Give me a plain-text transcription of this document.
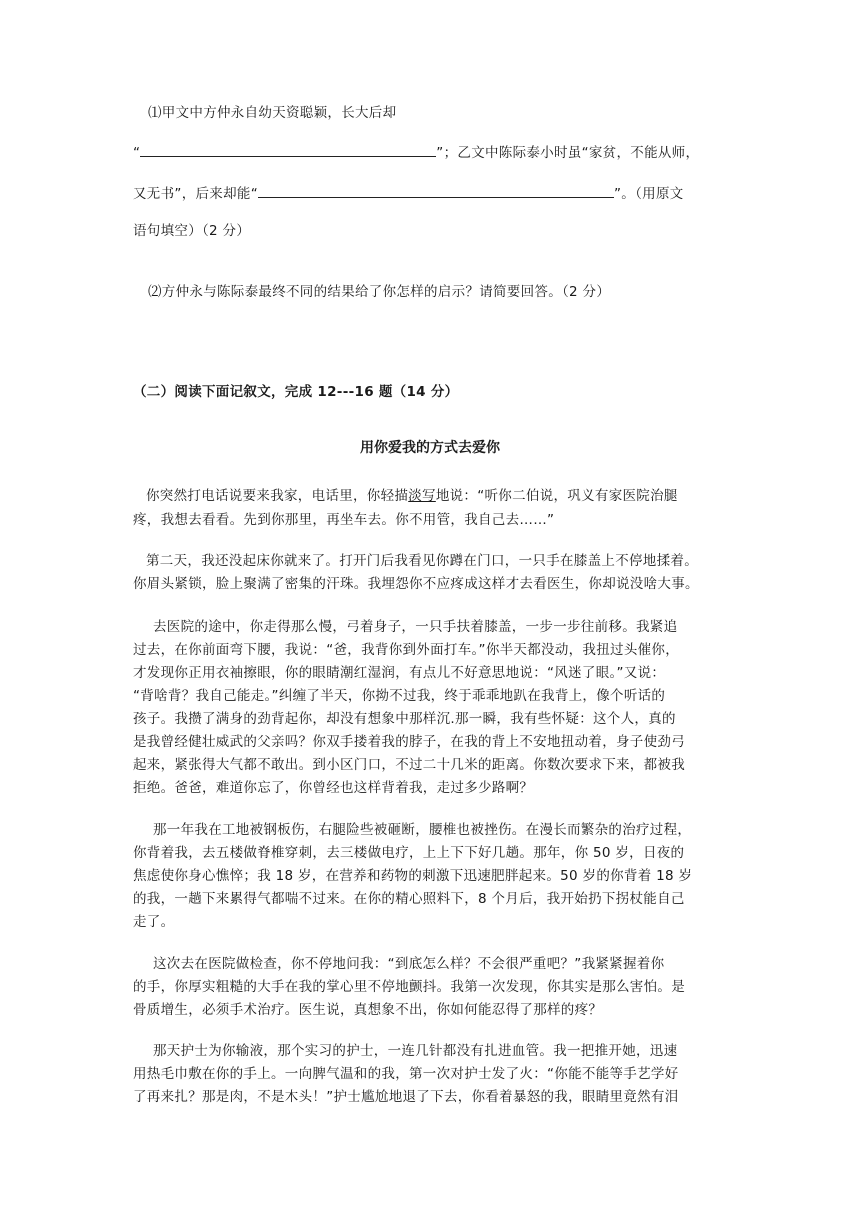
⑴甲文中方仲永自幼天资聪颖，长大后却
“	”；乙文中陈际泰小时虽“家贫，不能从师，
又无书”，后来却能“	”。（用原文
语句填空）（2 分）
⑵方仲永与陈际泰最终不同的结果给了你怎样的启示？请简要回答。（2 分）
（二）阅读下面记叙文，完成 12---16 题（14 分）
用你爱我的方式去爱你
你突然打电话说要来我家，电话里，你轻描淡写地说：“听你二伯说，巩义有家医院治腿
疼，我想去看看。先到你那里，再坐车去。你不用管，我自己去……”
第二天，我还没起床你就来了。打开门后我看见你蹲在门口，一只手在膝盖上不停地揉着。
你眉头紧锁，脸上聚满了密集的汗珠。我埋怨你不应疼成这样才去看医生，你却说没啥大事。
去医院的途中，你走得那么慢，弓着身子，一只手扶着膝盖，一步一步往前移。我紧追
过去，在你前面弯下腰，我说：“爸，我背你到外面打车。”你半天都没动，我扭过头催你，
才发现你正用衣袖擦眼，你的眼睛潮红湿润，有点儿不好意思地说：“风迷了眼。”又说：
“背啥背？我自己能走。”纠缠了半天，你拗不过我，终于乖乖地趴在我背上，像个听话的
孩子。我攒了满身的劲背起你，却没有想象中那样沉.那一瞬，我有些怀疑：这个人，真的
是我曾经健壮威武的父亲吗？你双手搂着我的脖子，在我的背上不安地扭动着，身子使劲弓
起来，紧张得大气都不敢出。到小区门口，不过二十几米的距离。你数次要求下来，都被我
拒绝。爸爸，难道你忘了，你曾经也这样背着我，走过多少路啊？
那一年我在工地被钢板伤，右腿险些被砸断，腰椎也被挫伤。在漫长而繁杂的治疗过程，
你背着我，去五楼做脊椎穿刺，去三楼做电疗，上上下下好几趟。那年，你 50 岁，日夜的
焦虑使你身心憔悴；我 18 岁，在营养和药物的刺激下迅速肥胖起来。50 岁的你背着 18 岁
的我，一趟下来累得气都喘不过来。在你的精心照料下，8 个月后，我开始扔下拐杖能自己
走了。
这次去在医院做检查，你不停地问我：“到底怎么样？不会很严重吧？”我紧紧握着你
的手，你厚实粗糙的大手在我的掌心里不停地颤抖。我第一次发现，你其实是那么害怕。是
骨质增生，必须手术治疗。医生说，真想象不出，你如何能忍得了那样的疼？
那天护士为你输液，那个实习的护士，一连几针都没有扎进血管。我一把推开她，迅速
用热毛巾敷在你的手上。一向脾气温和的我，第一次对护士发了火：“你能不能等手艺学好
了再来扎？那是肉，不是木头！”护士尴尬地退了下去，你看着暴怒的我，眼睛里竟然有泪
